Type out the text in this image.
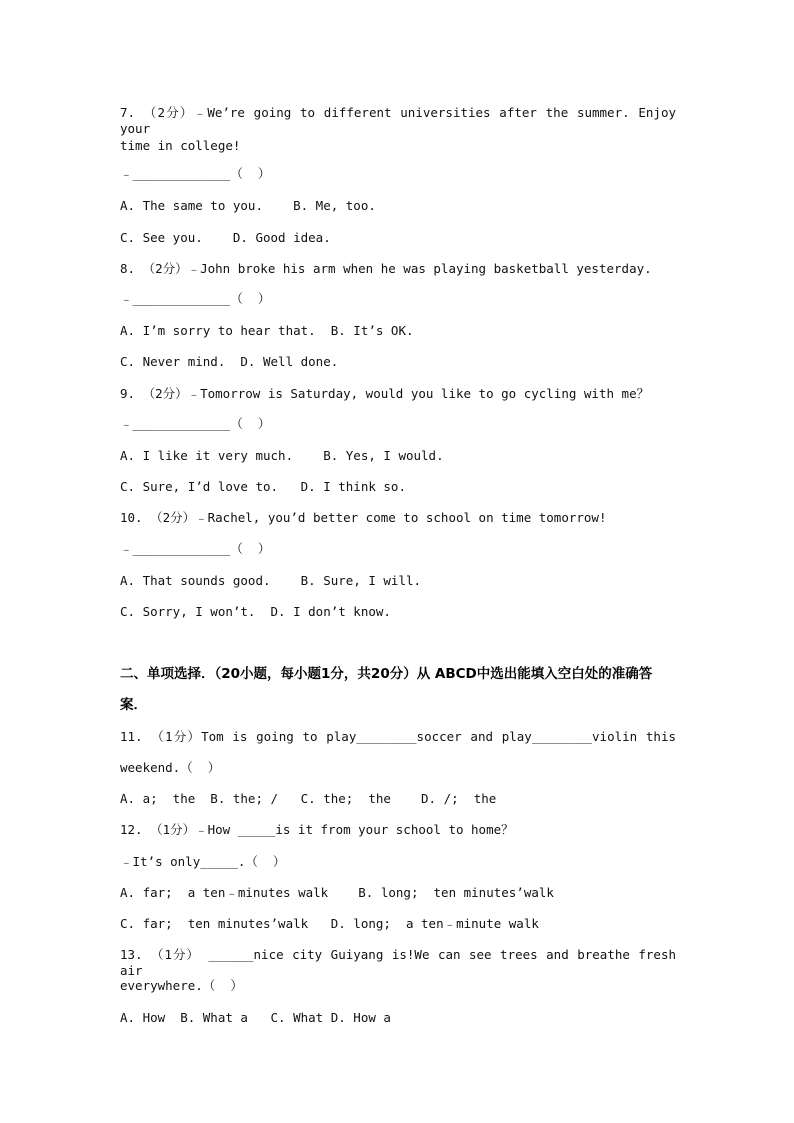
7. （2分）﹣We’re going to different universities after the summer. Enjoy your
time in college!
﹣_____________（  ）
A. The same to you.    B. Me, too.
C. See you.    D. Good idea.
8. （2分）﹣John broke his arm when he was playing basketball yesterday.
﹣_____________（  ）
A. I’m sorry to hear that.  B. It’s OK.
C. Never mind.  D. Well done.
9. （2分）﹣Tomorrow is Saturday, would you like to go cycling with me？
﹣_____________（  ）
A. I like it very much.    B. Yes, I would.
C. Sure, I’d love to.   D. I think so.
10. （2分）﹣Rachel, you’d better come to school on time tomorrow!
﹣_____________（  ）
A. That sounds good.    B. Sure, I will.
C. Sorry, I won’t.  D. I don’t know.
二、单项选择．（20小题，每小题1分，共20分）从 ABCD中选出能填入空白处的准确答
案．
11. （1分）Tom is going to play________soccer and play________violin this
weekend.（  ）
A. a;  the  B. the; /   C. the;  the    D. /;  the
12. （1分）﹣How _____is it from your school to home？
﹣It’s only_____.（  ）
A. far;  a ten﹣minutes walk    B. long;  ten minutes’walk
C. far;  ten minutes’walk   D. long;  a ten﹣minute walk
13. （1分） ______nice city Guiyang is!We can see trees and breathe fresh air
everywhere.（  ）
A. How  B. What a   C. What D. How a
